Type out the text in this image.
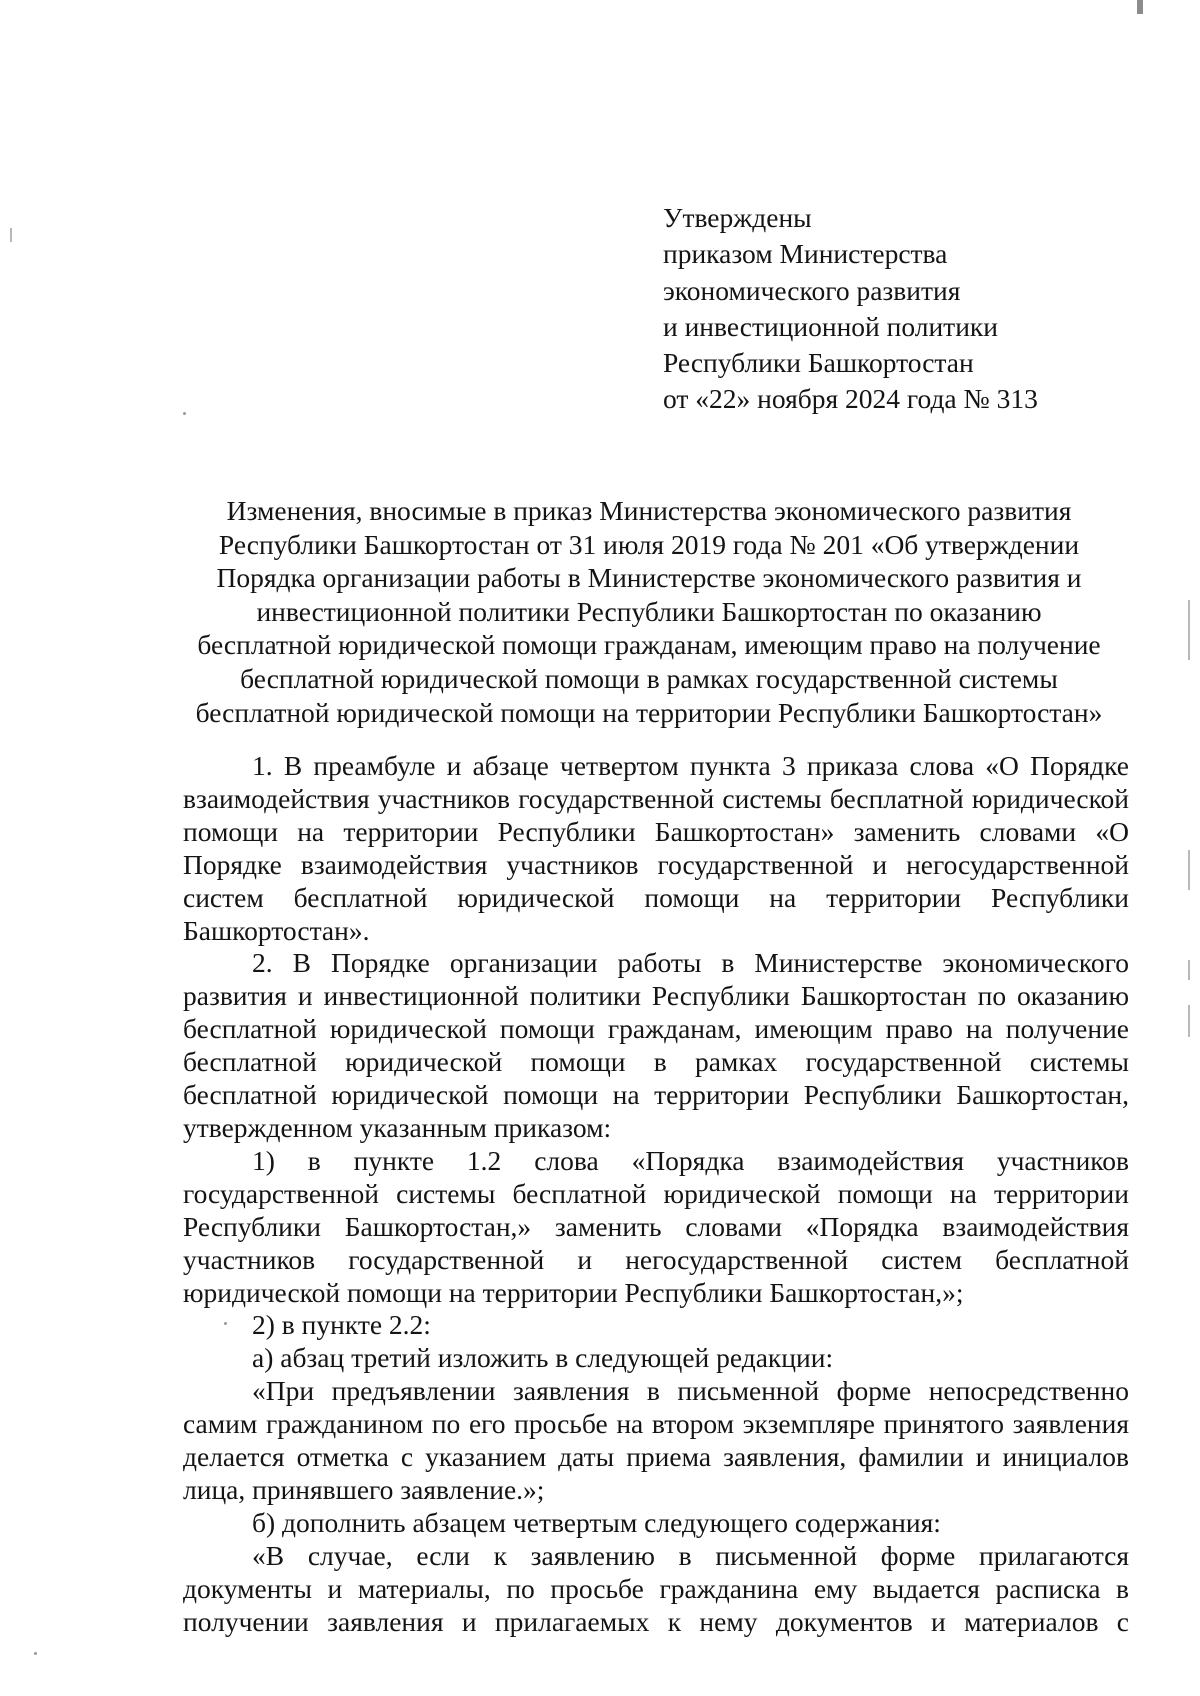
Утверждены
приказом Министерства
экономического развития
и инвестиционной политики
Республики Башкортостан
от «22» ноября 2024 года № 313
Изменения, вносимые в приказ Министерства экономического развития
Республики Башкортостан от 31 июля 2019 года № 201 «Об утверждении
Порядка организации работы в Министерстве экономического развития и
инвестиционной политики Республики Башкортостан по оказанию
бесплатной юридической помощи гражданам, имеющим право на получение
бесплатной юридической помощи в рамках государственной системы
бесплатной юридической помощи на территории Республики Башкортостан»

1. В преамбуле и абзаце четвертом пункта 3 приказа слова «О Порядке взаимодействия участников государственной системы бесплатной юридической помощи на территории Республики Башкортостан» заменить словами «О Порядке взаимодействия участников государственной и негосударственной систем бесплатной юридической помощи на территории Республики Башкортостан».

2. В Порядке организации работы в Министерстве экономического развития и инвестиционной политики Республики Башкортостан по оказанию бесплатной юридической помощи гражданам, имеющим право на получение бесплатной юридической помощи в рамках государственной системы бесплатной юридической помощи на территории Республики Башкортостан, утвержденном указанным приказом:

1) в пункте 1.2 слова «Порядка взаимодействия участников государственной системы бесплатной юридической помощи на территории Республики Башкортостан,» заменить словами «Порядка взаимодействия участников государственной и негосударственной систем бесплатной юридической помощи на территории Республики Башкортостан,»;

2) в пункте 2.2:

а) абзац третий изложить в следующей редакции:

«При предъявлении заявления в письменной форме непосредственно самим гражданином по его просьбе на втором экземпляре принятого заявления делается отметка с указанием даты приема заявления, фамилии и инициалов лица, принявшего заявление.»;

б) дополнить абзацем четвертым следующего содержания:

«В случае, если к заявлению в письменной форме прилагаются документы и материалы, по просьбе гражданина ему выдается расписка в получении заявления и прилагаемых к нему документов и материалов с
